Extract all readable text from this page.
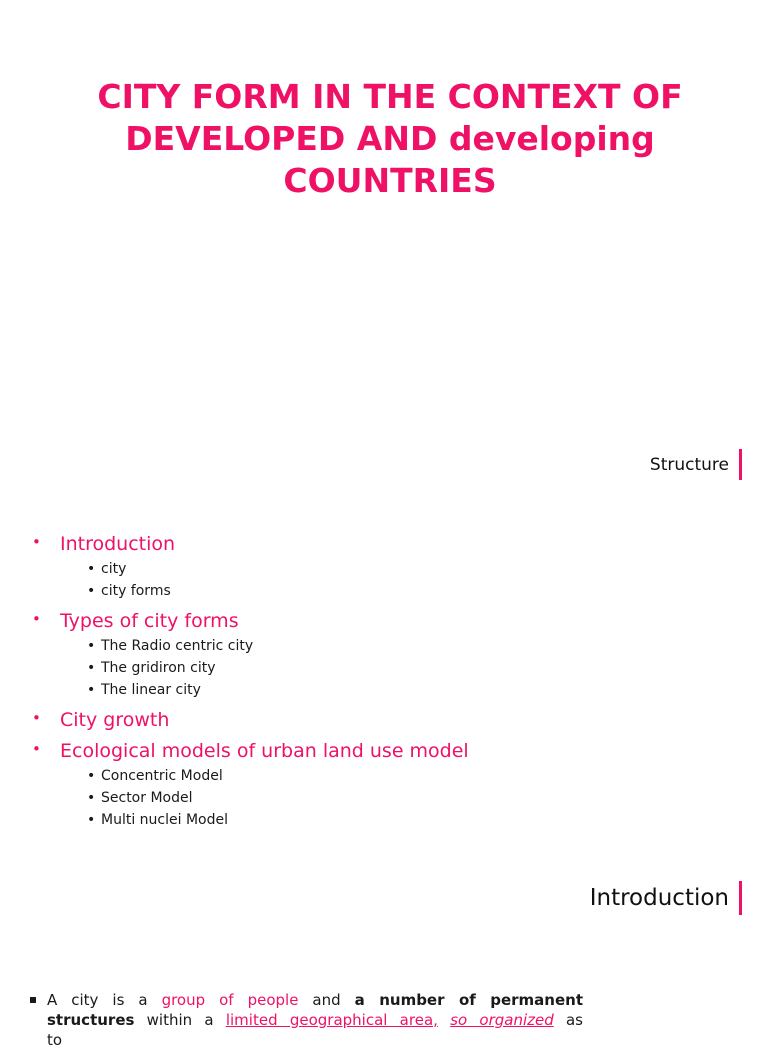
CITY FORM IN THE CONTEXT OF DEVELOPED AND developing COUNTRIES
Structure
•	Introduction
• city
• city forms
•	Types of city forms
• The Radio centric city
• The gridiron city
• The linear city
•	City growth
•	Ecological models of urban land use model
• Concentric Model
• Sector Model
• Multi nuclei Model
Introduction

A city is a group of people and a number of permanent structures within a limited geographical area, so organized as to
